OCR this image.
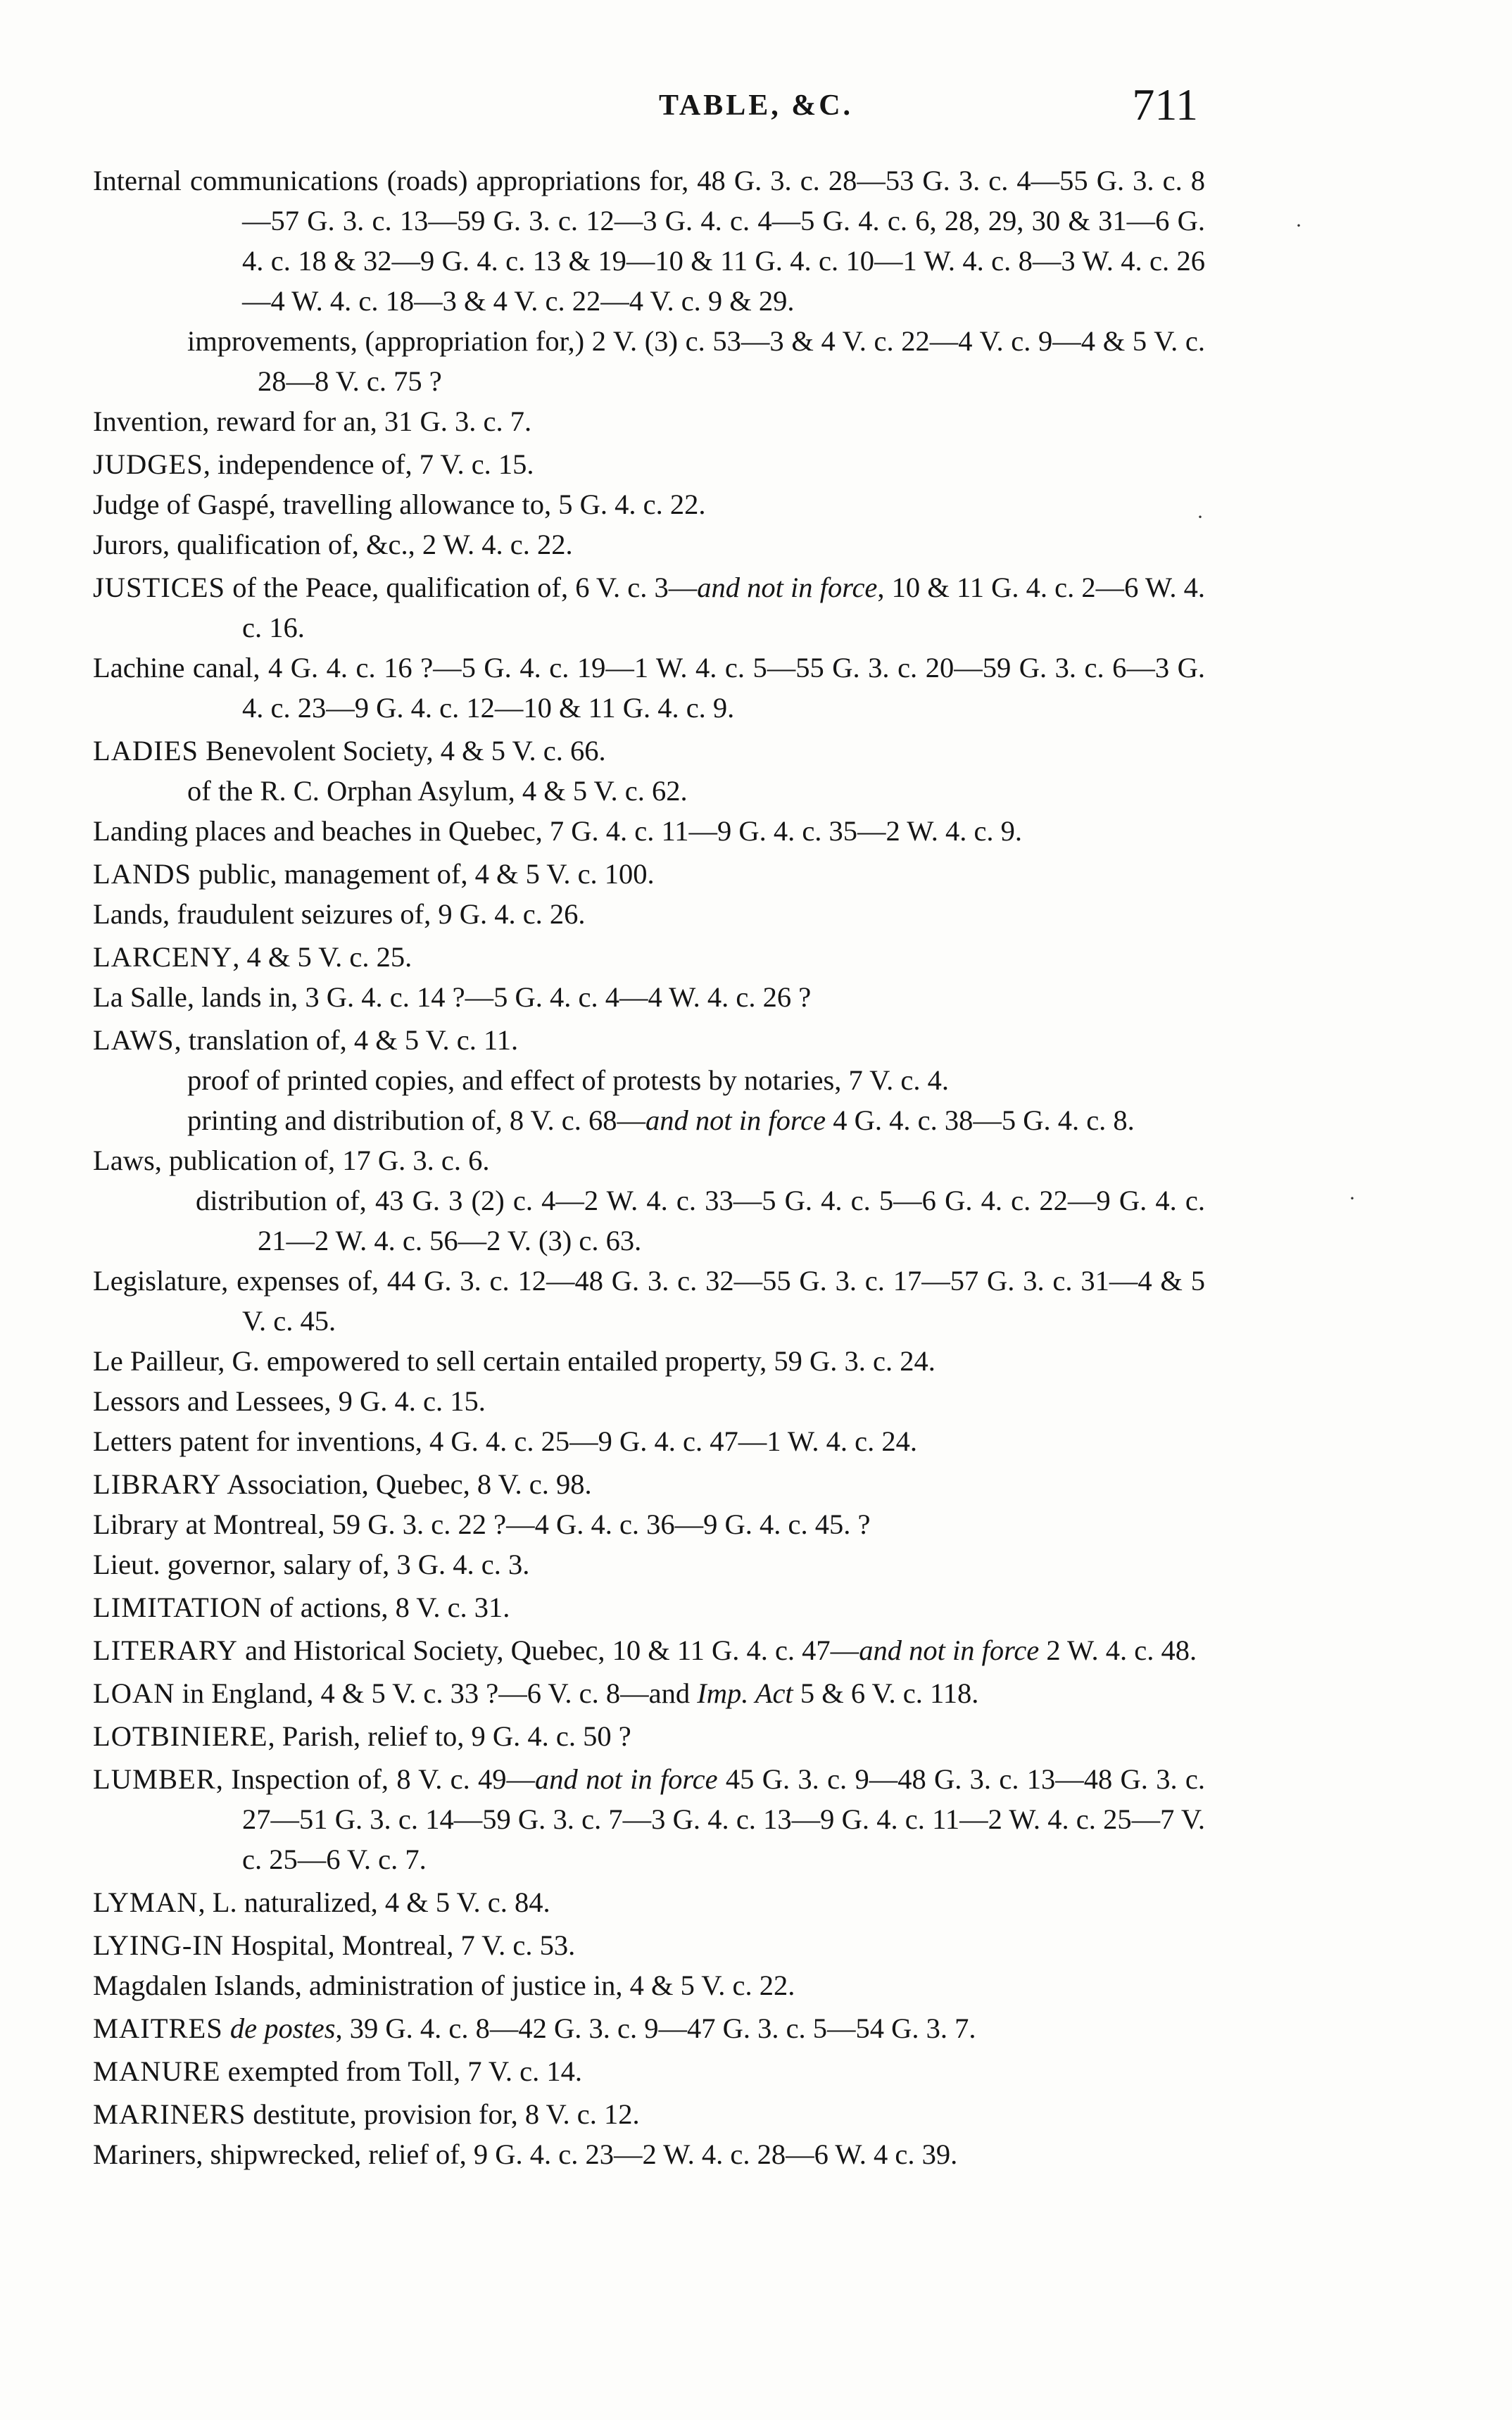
TABLE, &C.	711
Internal communications (roads) appropriations for, 48 G. 3. c. 28—53 G. 3. c. 4—55 G. 3. c. 8—57 G. 3. c. 13—59 G. 3. c. 12—3 G. 4. c. 4—5 G. 4. c. 6, 28, 29, 30 & 31—6 G. 4. c. 18 & 32—9 G. 4. c. 13 & 19—10 & 11 G. 4. c. 10—1 W. 4. c. 8—3 W. 4. c. 26—4 W. 4. c. 18—3 & 4 V. c. 22—4 V. c. 9 & 29.
improvements, (appropriation for,) 2 V. (3) c. 53—3 & 4 V. c. 22—4 V. c. 9—4 & 5 V. c. 28—8 V. c. 75 ?
Invention, reward for an, 31 G. 3. c. 7.
JUDGES, independence of, 7 V. c. 15.
Judge of Gaspé, travelling allowance to, 5 G. 4. c. 22.
Jurors, qualification of, &c., 2 W. 4. c. 22.
JUSTICES of the Peace, qualification of, 6 V. c. 3—and not in force, 10 & 11 G. 4. c. 2—6 W. 4. c. 16.
Lachine canal, 4 G. 4. c. 16 ?—5 G. 4. c. 19—1 W. 4. c. 5—55 G. 3. c. 20—59 G. 3. c. 6—3 G. 4. c. 23—9 G. 4. c. 12—10 & 11 G. 4. c. 9.
LADIES Benevolent Society, 4 & 5 V. c. 66.
of the R. C. Orphan Asylum, 4 & 5 V. c. 62.
Landing places and beaches in Quebec, 7 G. 4. c. 11—9 G. 4. c. 35—2 W. 4. c. 9.
LANDS public, management of, 4 & 5 V. c. 100.
Lands, fraudulent seizures of, 9 G. 4. c. 26.
LARCENY, 4 & 5 V. c. 25.
La Salle, lands in, 3 G. 4. c. 14 ?—5 G. 4. c. 4—4 W. 4. c. 26 ?
LAWS, translation of, 4 & 5 V. c. 11.
proof of printed copies, and effect of protests by notaries, 7 V. c. 4.
printing and distribution of, 8 V. c. 68—and not in force 4 G. 4. c. 38—5 G. 4. c. 8.
Laws, publication of, 17 G. 3. c. 6.
distribution of, 43 G. 3 (2) c. 4—2 W. 4. c. 33—5 G. 4. c. 5—6 G. 4. c. 22—9 G. 4. c. 21—2 W. 4. c. 56—2 V. (3) c. 63.
Legislature, expenses of, 44 G. 3. c. 12—48 G. 3. c. 32—55 G. 3. c. 17—57 G. 3. c. 31—4 & 5 V. c. 45.
Le Pailleur, G. empowered to sell certain entailed property, 59 G. 3. c. 24.
Lessors and Lessees, 9 G. 4. c. 15.
Letters patent for inventions, 4 G. 4. c. 25—9 G. 4. c. 47—1 W. 4. c. 24.
LIBRARY Association, Quebec, 8 V. c. 98.
Library at Montreal, 59 G. 3. c. 22 ?—4 G. 4. c. 36—9 G. 4. c. 45. ?
Lieut. governor, salary of, 3 G. 4. c. 3.
LIMITATION of actions, 8 V. c. 31.
LITERARY and Historical Society, Quebec, 10 & 11 G. 4. c. 47—and not in force 2 W. 4. c. 48.
LOAN in England, 4 & 5 V. c. 33 ?—6 V. c. 8—and Imp. Act 5 & 6 V. c. 118.
LOTBINIERE, Parish, relief to, 9 G. 4. c. 50 ?
LUMBER, Inspection of, 8 V. c. 49—and not in force 45 G. 3. c. 9—48 G. 3. c. 13—48 G. 3. c. 27—51 G. 3. c. 14—59 G. 3. c. 7—3 G. 4. c. 13—9 G. 4. c. 11—2 W. 4. c. 25—7 V. c. 25—6 V. c. 7.
LYMAN, L. naturalized, 4 & 5 V. c. 84.
LYING-IN Hospital, Montreal, 7 V. c. 53.
Magdalen Islands, administration of justice in, 4 & 5 V. c. 22.
MAITRES de postes, 39 G. 4. c. 8—42 G. 3. c. 9—47 G. 3. c. 5—54 G. 3. 7.
MANURE exempted from Toll, 7 V. c. 14.
MARINERS destitute, provision for, 8 V. c. 12.
Mariners, shipwrecked, relief of, 9 G. 4. c. 23—2 W. 4. c. 28—6 W. 4 c. 39.
·
·
·
